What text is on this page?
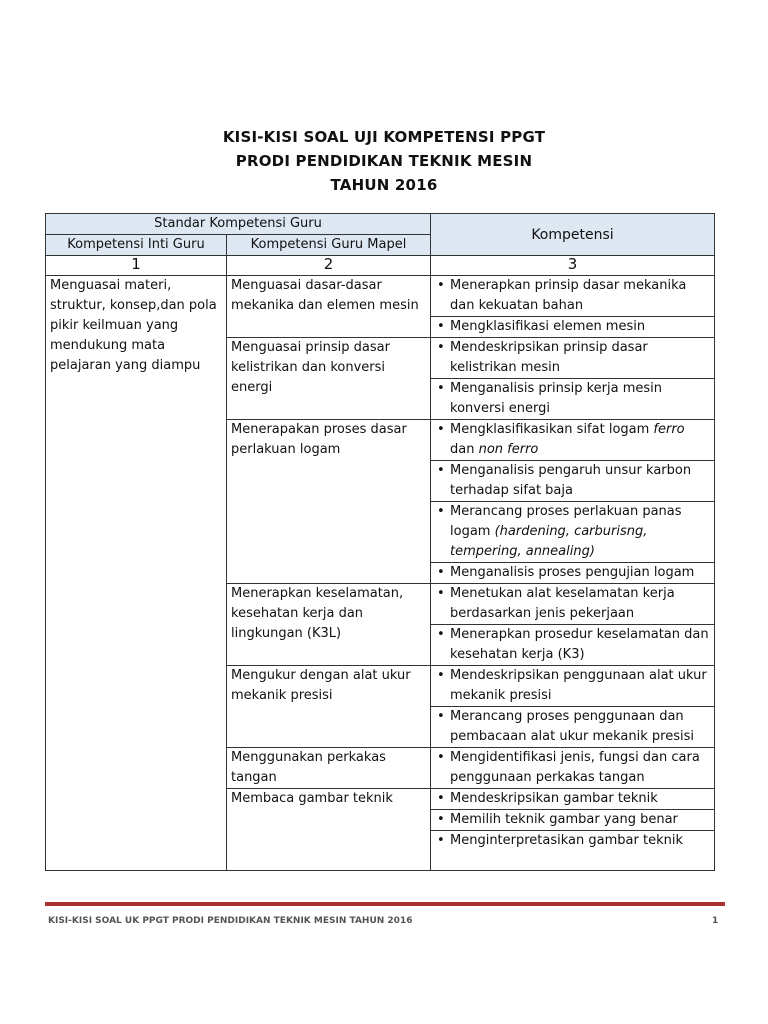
KISI-KISI SOAL UJI KOMPETENSI PPGT
PRODI PENDIDIKAN TEKNIK MESIN
TAHUN 2016
Standar Kompetensi Guru		Kompetensi
Kompetensi Inti Guru	Kompetensi Guru Mapel	
1	2	3
Menguasai materi, struktur, konsep,dan pola pikir keilmuan yang mendukung mata pelajaran yang diampu	Menguasai dasar-dasar mekanika dan elemen mesin	• Menerapkan prinsip dasar mekanika dan kekuatan bahan
		• Mengklasifikasi elemen mesin
	Menguasai prinsip dasar kelistrikan dan konversi energi	• Mendeskripsikan prinsip dasar kelistrikan mesin
		• Menganalisis prinsip kerja mesin konversi energi
	Menerapakan proses dasar perlakuan logam	• Mengklasifikasikan sifat logam ferro dan non ferro
		• Menganalisis pengaruh unsur karbon terhadap sifat baja
		• Merancang proses perlakuan panas logam (hardening, carburisng, tempering, annealing)
		• Menganalisis proses pengujian logam
	Menerapkan keselamatan, kesehatan kerja dan lingkungan (K3L)	• Menetukan alat keselamatan kerja berdasarkan jenis pekerjaan
		• Menerapkan prosedur keselamatan dan kesehatan kerja (K3)
	Mengukur dengan alat ukur mekanik presisi	• Mendeskripsikan penggunaan alat ukur mekanik presisi
		• Merancang proses penggunaan dan pembacaan alat ukur mekanik presisi
	Menggunakan perkakas tangan	• Mengidentifikasi jenis, fungsi dan cara penggunaan perkakas tangan
	Membaca gambar teknik	• Mendeskripsikan gambar teknik
		• Memilih teknik gambar yang benar
		• Menginterpretasikan gambar teknik
KISI-KISI SOAL UK PPGT PRODI PENDIDIKAN TEKNIK MESIN TAHUN 2016	1
